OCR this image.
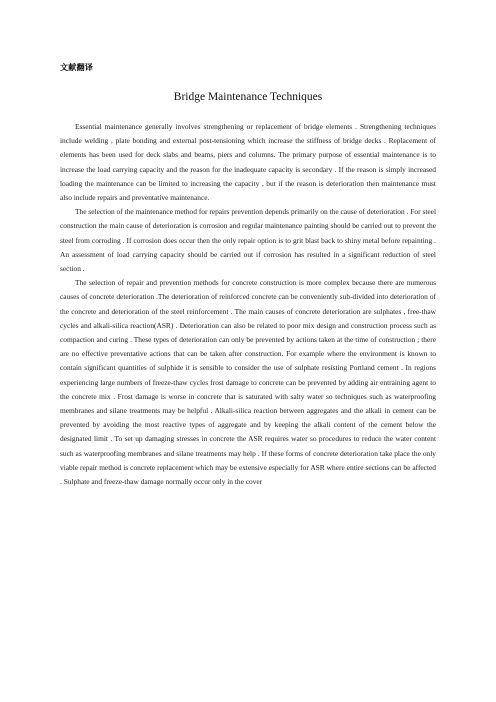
文献翻译
Bridge Maintenance Techniques

Essential maintenance generally involves strengthening or replacement of bridge elements . Strengthening techniques include welding , plate bonding and external post-tensioning which increase the stiffness of bridge decks . Replacement of elements has been used for deck slabs and beams, piers and columns. The primary purpose of essential maintenance is to increase the load carrying capacity and the reason for the inadequate capacity is secondary . If the reason is simply increased loading the maintenance can be limited to increasing the capacity , but if the reason is deterioration then maintenance must also include repairs and preventative maintenance.

The selection of the maintenance method for repairs prevention depends primarily on the cause of deterioration . For steel construction the main cause of deterioration is corrosion and regular maintenance painting should be carried out to prevent the steel from corroding . If corrosion does occur then the only repair option is to grit blast back to shiny metal before repainting . An assessment of load carrying capacity should be carried out if corrosion has resulted in a significant reduction of steel section .

The selection of repair and prevention methods for concrete construction is more complex because there are numerous causes of concrete deterioration .The deterioration of reinforced concrete can be conveniently sub-divided into deterioration of the concrete and deterioration of the steel reinforcement . The main causes of concrete deterioration are sulphates , free-thaw cycles and alkali-silica reaction(ASR) . Deterioration can also be related to poor mix design and construction process such as compaction and curing . These types of deterioration can only be prevented by actions taken at the time of construction ; there are no effective preventative actions that can be taken after construction. For example where the environment is known to contain significant quantities of sulphide it is sensible to consider the use of sulphate resisting Portland cement . In regions experiencing large numbers of freeze-thaw cycles frost damage to concrete can be prevented by adding air entraining agent to the concrete mix . Frost damage is worse in concrete that is saturated with salty water so techniques such as waterproofing membranes and silane treatments may be helpful . Alkali-silica reaction between aggregates and the alkali in cement can be prevented by avoiding the most reactive types of aggregate and by keeping the alkali content of the cement below the designated limit . To set up damaging stresses in concrete the ASR requires water so procedures to reduce the water content such as waterproofing membranes and silane treatments may help . If these forms of concrete deterioration take place the only viable repair method is concrete replacement which may be extensive especially for ASR where entire sections can be affected . Sulphate and freeze-thaw damage normally occur only in the cover
